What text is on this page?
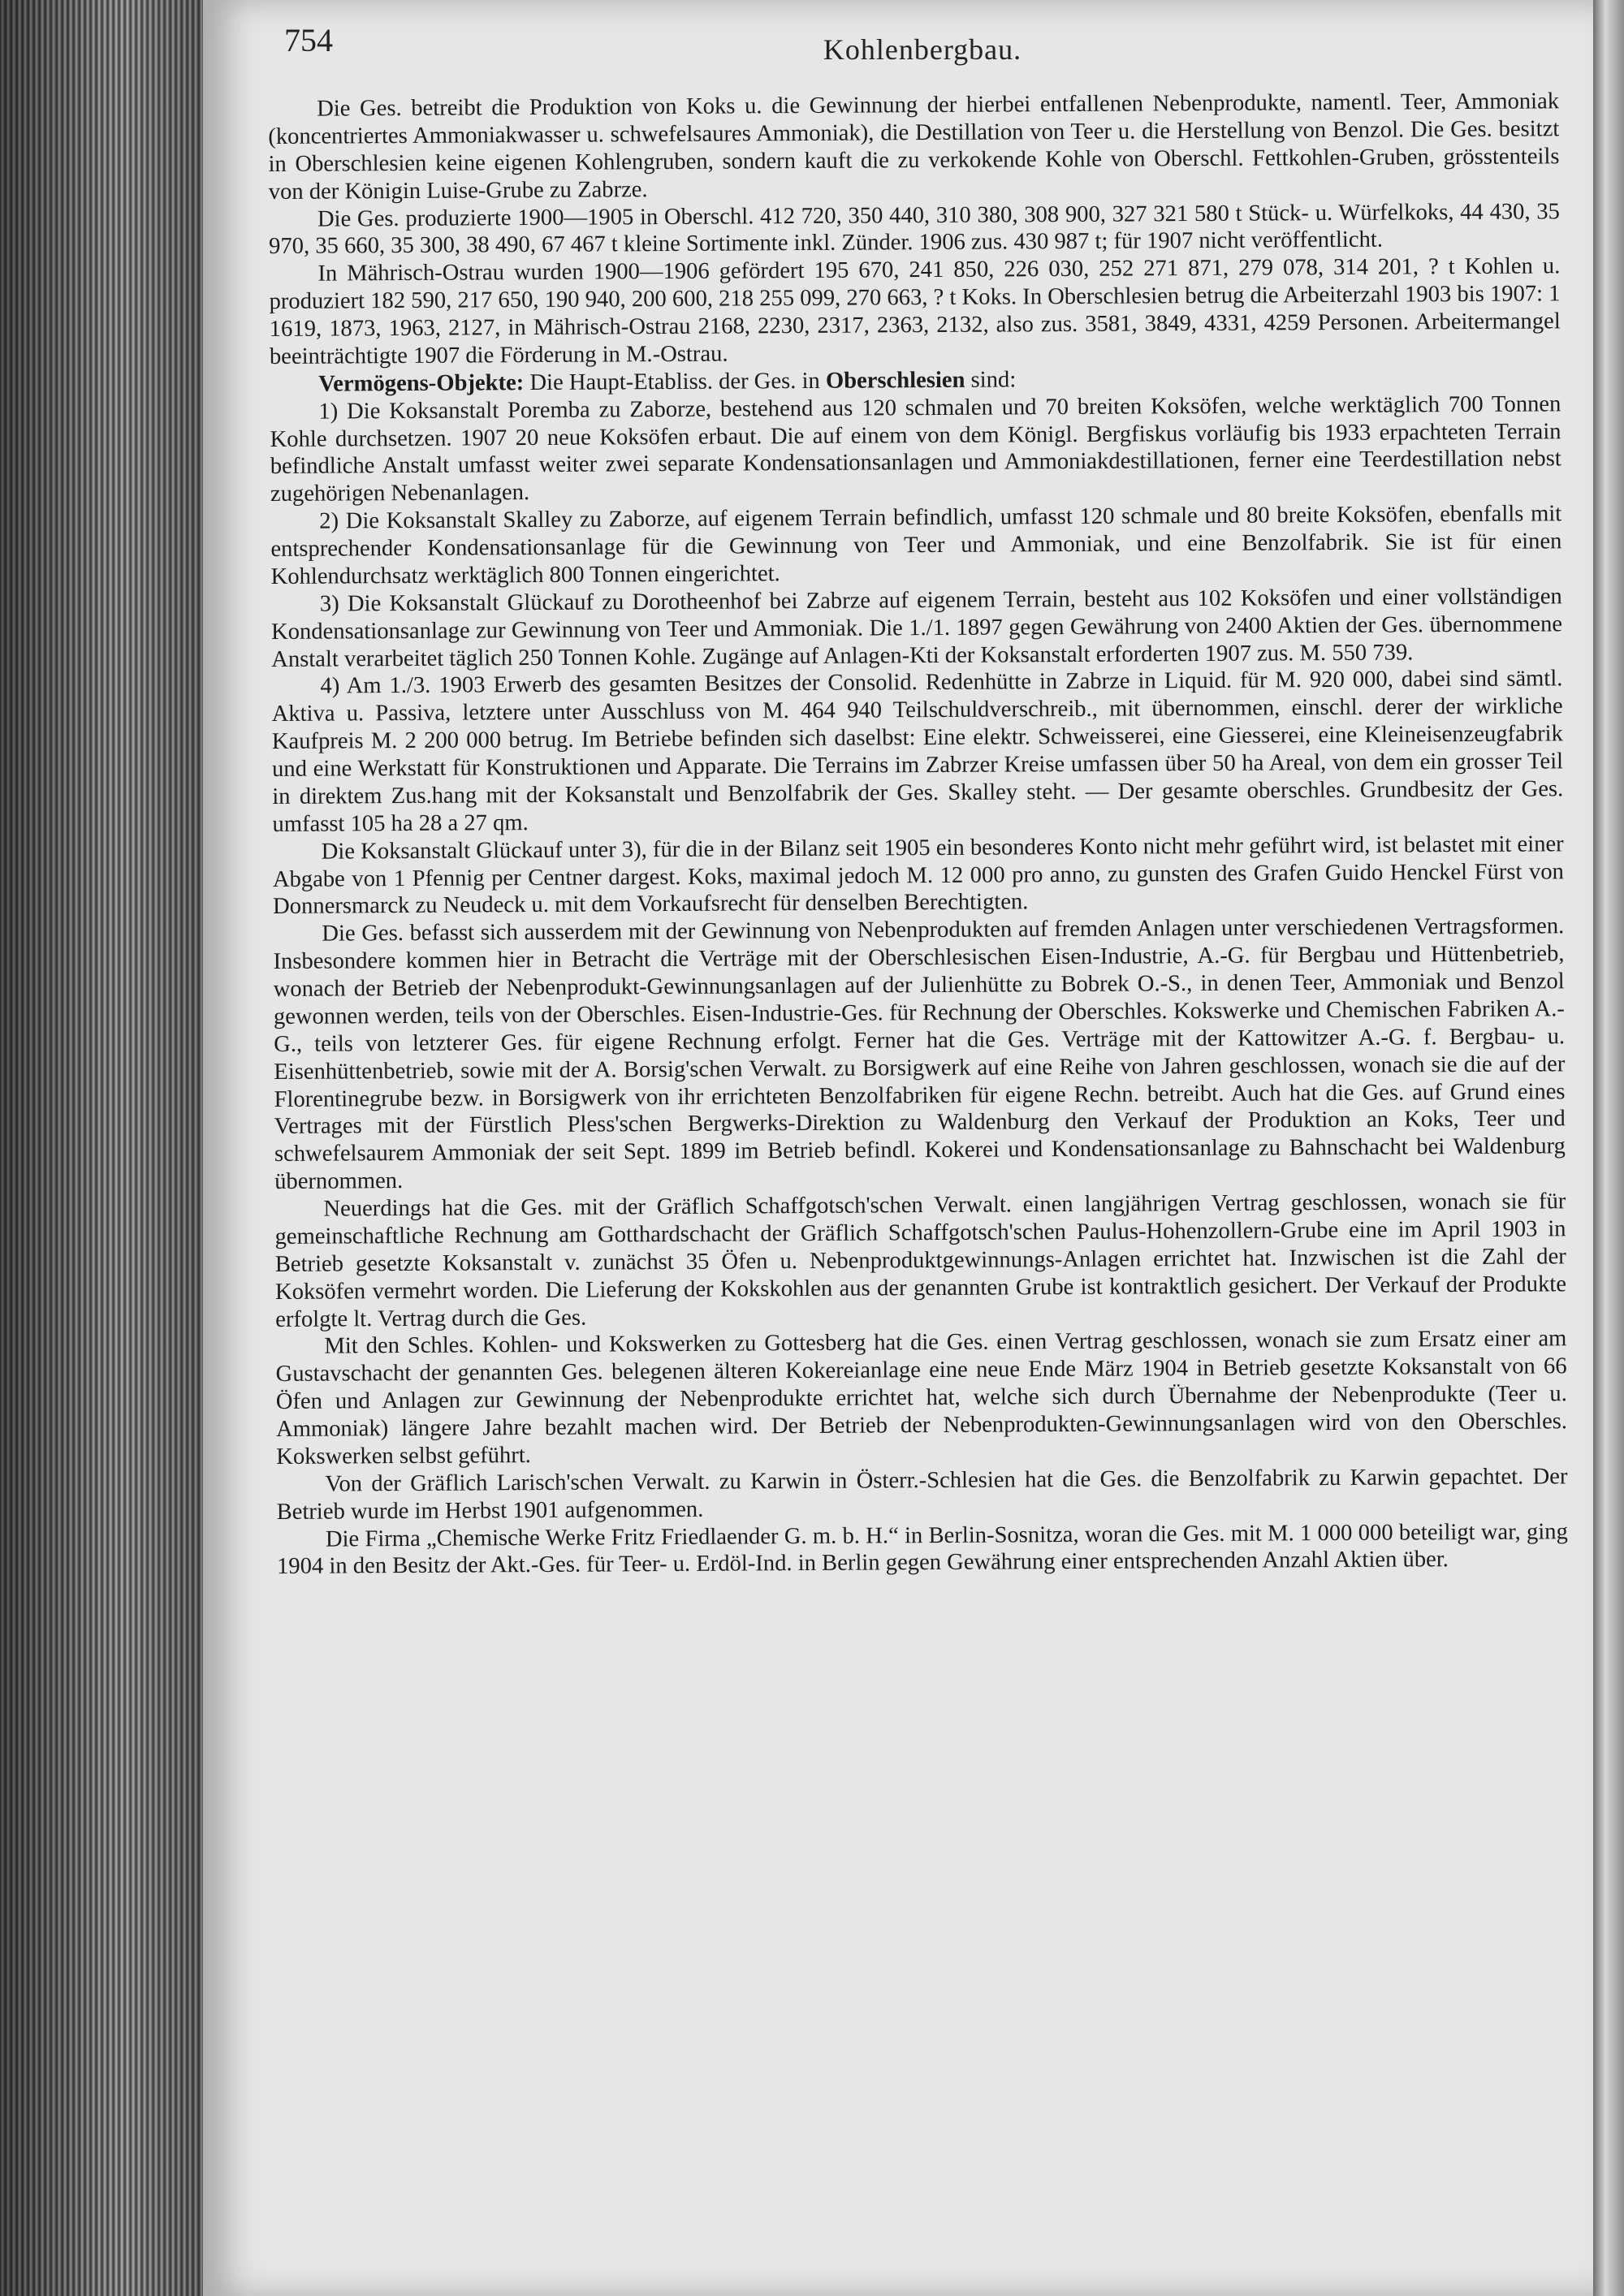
754	Kohlenbergbau.

Die Ges. betreibt die Produktion von Koks u. die Gewinnung der hierbei entfallenen Nebenprodukte, namentl. Teer, Ammoniak (koncentriertes Ammoniakwasser u. schwefelsaures Ammoniak), die Destillation von Teer u. die Herstellung von Benzol. Die Ges. besitzt in Oberschlesien keine eigenen Kohlengruben, sondern kauft die zu verkokende Kohle von Oberschl. Fettkohlen-Gruben, grösstenteils von der Königin Luise-Grube zu Zabrze.

Die Ges. produzierte 1900—1905 in Oberschl. 412 720, 350 440, 310 380, 308 900, 327 321 580 t Stück- u. Würfelkoks, 44 430, 35 970, 35 660, 35 300, 38 490, 67 467 t kleine Sortimente inkl. Zünder. 1906 zus. 430 987 t; für 1907 nicht veröffentlicht.

In Mährisch-Ostrau wurden 1900—1906 gefördert 195 670, 241 850, 226 030, 252 271 871, 279 078, 314 201, ? t Kohlen u. produziert 182 590, 217 650, 190 940, 200 600, 218 255 099, 270 663, ? t Koks. In Oberschlesien betrug die Arbeiterzahl 1903 bis 1907: 1 1619, 1873, 1963, 2127, in Mährisch-Ostrau 2168, 2230, 2317, 2363, 2132, also zus. 3581, 3849, 4331, 4259 Personen. Arbeitermangel beeinträchtigte 1907 die Förderung in M.-Ostrau.

Vermögens-Objekte: Die Haupt-Etabliss. der Ges. in Oberschlesien sind:

1) Die Koksanstalt Poremba zu Zaborze, bestehend aus 120 schmalen und 70 breiten Koksöfen, welche werktäglich 700 Tonnen Kohle durchsetzen. 1907 20 neue Koksöfen erbaut. Die auf einem von dem Königl. Bergfiskus vorläufig bis 1933 erpachteten Terrain befindliche Anstalt umfasst weiter zwei separate Kondensationsanlagen und Ammoniakdestillationen, ferner eine Teerdestillation nebst zugehörigen Nebenanlagen.

2) Die Koksanstalt Skalley zu Zaborze, auf eigenem Terrain befindlich, umfasst 120 schmale und 80 breite Koksöfen, ebenfalls mit entsprechender Kondensationsanlage für die Gewinnung von Teer und Ammoniak, und eine Benzolfabrik. Sie ist für einen Kohlendurchsatz werktäglich 800 Tonnen eingerichtet.

3) Die Koksanstalt Glückauf zu Dorotheenhof bei Zabrze auf eigenem Terrain, besteht aus 102 Koksöfen und einer vollständigen Kondensationsanlage zur Gewinnung von Teer und Ammoniak. Die 1./1. 1897 gegen Gewährung von 2400 Aktien der Ges. übernommene Anstalt verarbeitet täglich 250 Tonnen Kohle. Zugänge auf Anlagen-Kti der Koksanstalt erforderten 1907 zus. M. 550 739.

4) Am 1./3. 1903 Erwerb des gesamten Besitzes der Consolid. Redenhütte in Zabrze in Liquid. für M. 920 000, dabei sind sämtl. Aktiva u. Passiva, letztere unter Ausschluss von M. 464 940 Teilschuldverschreib., mit übernommen, einschl. derer der wirkliche Kaufpreis M. 2 200 000 betrug. Im Betriebe befinden sich daselbst: Eine elektr. Schweisserei, eine Giesserei, eine Kleineisenzeugfabrik und eine Werkstatt für Konstruktionen und Apparate. Die Terrains im Zabrzer Kreise umfassen über 50 ha Areal, von dem ein grosser Teil in direktem Zus.hang mit der Koksanstalt und Benzolfabrik der Ges. Skalley steht. — Der gesamte oberschles. Grundbesitz der Ges. umfasst 105 ha 28 a 27 qm.

Die Koksanstalt Glückauf unter 3), für die in der Bilanz seit 1905 ein besonderes Konto nicht mehr geführt wird, ist belastet mit einer Abgabe von 1 Pfennig per Centner dargest. Koks, maximal jedoch M. 12 000 pro anno, zu gunsten des Grafen Guido Henckel Fürst von Donnersmarck zu Neudeck u. mit dem Vorkaufsrecht für denselben Berechtigten.

Die Ges. befasst sich ausserdem mit der Gewinnung von Nebenprodukten auf fremden Anlagen unter verschiedenen Vertragsformen. Insbesondere kommen hier in Betracht die Verträge mit der Oberschlesischen Eisen-Industrie, A.-G. für Bergbau und Hüttenbetrieb, wonach der Betrieb der Nebenprodukt-Gewinnungsanlagen auf der Julienhütte zu Bobrek O.-S., in denen Teer, Ammoniak und Benzol gewonnen werden, teils von der Oberschles. Eisen-Industrie-Ges. für Rechnung der Oberschles. Kokswerke und Chemischen Fabriken A.-G., teils von letzterer Ges. für eigene Rechnung erfolgt. Ferner hat die Ges. Verträge mit der Kattowitzer A.-G. f. Bergbau- u. Eisenhüttenbetrieb, sowie mit der A. Borsig'schen Verwalt. zu Borsigwerk auf eine Reihe von Jahren geschlossen, wonach sie die auf der Florentinegrube bezw. in Borsigwerk von ihr errichteten Benzolfabriken für eigene Rechn. betreibt. Auch hat die Ges. auf Grund eines Vertrages mit der Fürstlich Pless'schen Bergwerks-Direktion zu Waldenburg den Verkauf der Produktion an Koks, Teer und schwefelsaurem Ammoniak der seit Sept. 1899 im Betrieb befindl. Kokerei und Kondensationsanlage zu Bahnschacht bei Waldenburg übernommen.

Neuerdings hat die Ges. mit der Gräflich Schaffgotsch'schen Verwalt. einen langjährigen Vertrag geschlossen, wonach sie für gemeinschaftliche Rechnung am Gotthardschacht der Gräflich Schaffgotsch'schen Paulus-Hohenzollern-Grube eine im April 1903 in Betrieb gesetzte Koksanstalt v. zunächst 35 Öfen u. Nebenproduktgewinnungs-Anlagen errichtet hat. Inzwischen ist die Zahl der Koksöfen vermehrt worden. Die Lieferung der Kokskohlen aus der genannten Grube ist kontraktlich gesichert. Der Verkauf der Produkte erfolgte lt. Vertrag durch die Ges.

Mit den Schles. Kohlen- und Kokswerken zu Gottesberg hat die Ges. einen Vertrag geschlossen, wonach sie zum Ersatz einer am Gustavschacht der genannten Ges. belegenen älteren Kokereianlage eine neue Ende März 1904 in Betrieb gesetzte Koksanstalt von 66 Öfen und Anlagen zur Gewinnung der Nebenprodukte errichtet hat, welche sich durch Übernahme der Nebenprodukte (Teer u. Ammoniak) längere Jahre bezahlt machen wird. Der Betrieb der Nebenprodukten-Gewinnungsanlagen wird von den Oberschles. Kokswerken selbst geführt.

Von der Gräflich Larisch'schen Verwalt. zu Karwin in Österr.-Schlesien hat die Ges. die Benzolfabrik zu Karwin gepachtet. Der Betrieb wurde im Herbst 1901 aufgenommen.

Die Firma „Chemische Werke Fritz Friedlaender G. m. b. H.“ in Berlin-Sosnitza, woran die Ges. mit M. 1 000 000 beteiligt war, ging 1904 in den Besitz der Akt.-Ges. für Teer- u. Erdöl-Ind. in Berlin gegen Gewährung einer entsprechenden Anzahl Aktien über.
